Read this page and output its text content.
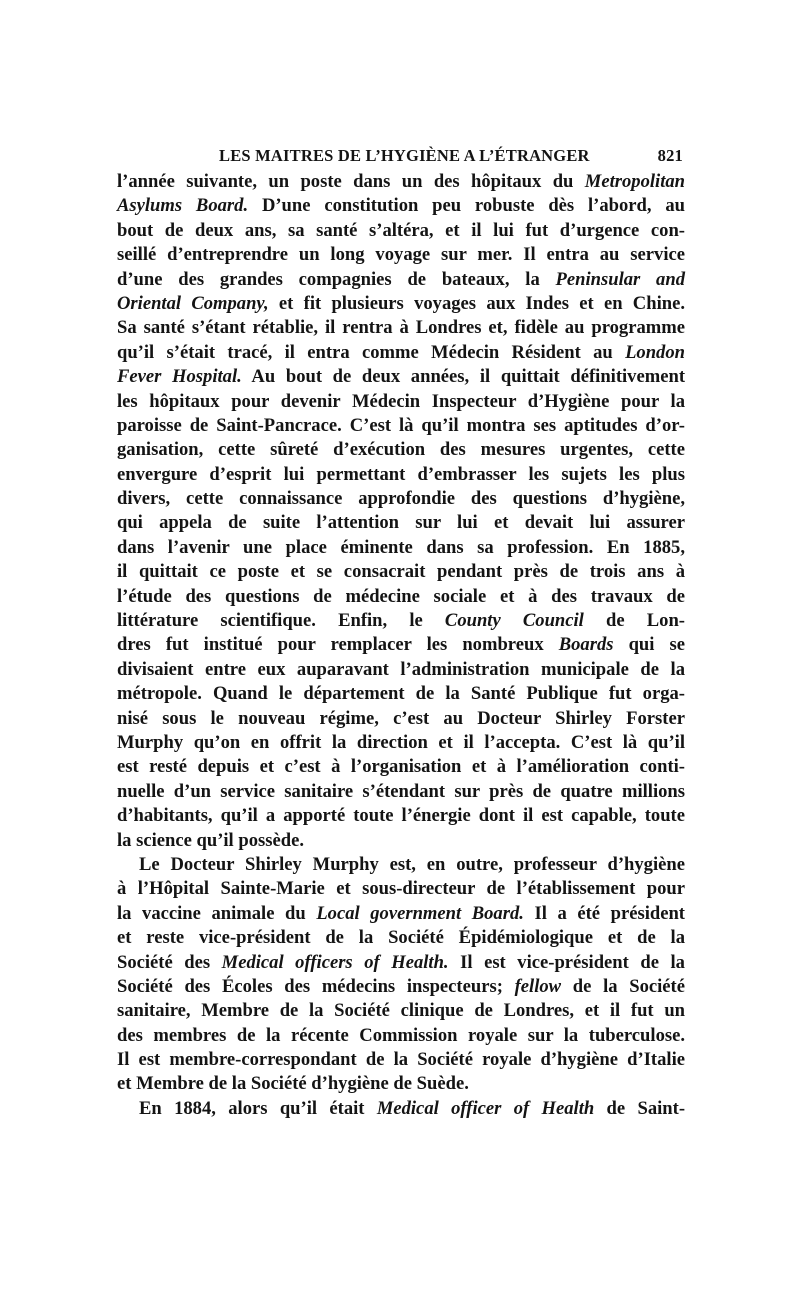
LES MAITRES DE L’HYGIÈNE A L’ÉTRANGER	821
l’année suivante, un poste dans un des hôpitaux du Metropolitan
Asylums Board. D’une constitution peu robuste dès l’abord, au
bout de deux ans, sa santé s’altéra, et il lui fut d’urgence con-
seillé d’entreprendre un long voyage sur mer. Il entra au service
d’une des grandes compagnies de bateaux, la Peninsular and
Oriental Company, et fit plusieurs voyages aux Indes et en Chine.
Sa santé s’étant rétablie, il rentra à Londres et, fidèle au programme
qu’il s’était tracé, il entra comme Médecin Résident au London
Fever Hospital. Au bout de deux années, il quittait définitivement
les hôpitaux pour devenir Médecin Inspecteur d’Hygiène pour la
paroisse de Saint-Pancrace. C’est là qu’il montra ses aptitudes d’or-
ganisation, cette sûreté d’exécution des mesures urgentes, cette
envergure d’esprit lui permettant d’embrasser les sujets les plus
divers, cette connaissance approfondie des questions d’hygiène,
qui appela de suite l’attention sur lui et devait lui assurer
dans l’avenir une place éminente dans sa profession. En 1885,
il quittait ce poste et se consacrait pendant près de trois ans à
l’étude des questions de médecine sociale et à des travaux de
littérature scientifique. Enfin, le County Council de Lon-
dres fut institué pour remplacer les nombreux Boards qui se
divisaient entre eux auparavant l’administration municipale de la
métropole. Quand le département de la Santé Publique fut orga-
nisé sous le nouveau régime, c’est au Docteur Shirley Forster
Murphy qu’on en offrit la direction et il l’accepta. C’est là qu’il
est resté depuis et c’est à l’organisation et à l’amélioration conti-
nuelle d’un service sanitaire s’étendant sur près de quatre millions
d’habitants, qu’il a apporté toute l’énergie dont il est capable, toute
la science qu’il possède.
Le Docteur Shirley Murphy est, en outre, professeur d’hygiène
à l’Hôpital Sainte-Marie et sous-directeur de l’établissement pour
la vaccine animale du Local government Board. Il a été président
et reste vice-président de la Société Épidémiologique et de la
Société des Medical officers of Health. Il est vice-président de la
Société des Écoles des médecins inspecteurs; fellow de la Société
sanitaire, Membre de la Société clinique de Londres, et il fut un
des membres de la récente Commission royale sur la tuberculose.
Il est membre-correspondant de la Société royale d’hygiène d’Italie
et Membre de la Société d’hygiène de Suède.
En 1884, alors qu’il était Medical officer of Health de Saint-
